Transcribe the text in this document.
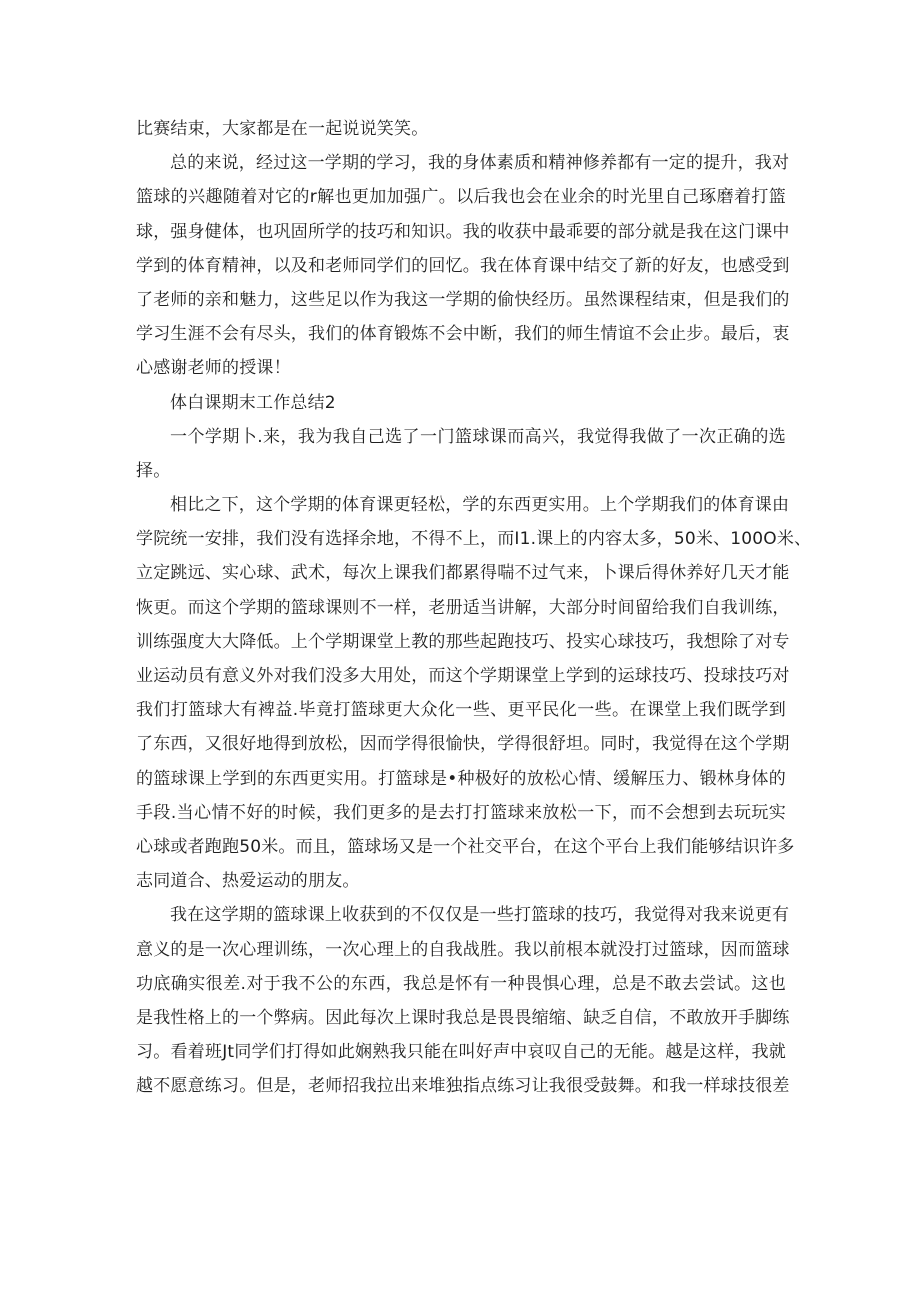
比赛结束，大家都是在一起说说笑笑。
总的来说，经过这一学期的学习，我的身体素质和精神修养都有一定的提升，我对
篮球的兴趣随着对它的r解也更加加强广。以后我也会在业余的时光里自己琢磨着打篮
球，强身健体，也巩固所学的技巧和知识。我的收获中最乖要的部分就是我在这门课中
学到的体育精神，以及和老师同学们的回忆。我在体育课中结交了新的好友，也感受到
了老师的亲和魅力，这些足以作为我这一学期的偷快经历。虽然课程结束，但是我们的
学习生涯不会有尽头，我们的体育锻炼不会中断，我们的师生情谊不会止步。最后，衷
心感谢老师的授课！
体白课期末工作总结2
一个学期卜.来，我为我自己选了一门篮球课而高兴，我觉得我做了一次正确的选
择。
相比之下，这个学期的体育课更轻松，学的东西更实用。上个学期我们的体育课由
学院统一安排，我们没有选择余地，不得不上，而I1.课上的内容太多，50米、100O米、
立定跳远、实心球、武术，每次上课我们都累得喘不过气来，卜课后得休养好几天才能
恢更。而这个学期的篮球课则不一样，老册适当讲解，大部分时间留给我们自我训练，
训练强度大大降低。上个学期课堂上教的那些起跑技巧、投实心球技巧，我想除了对专
业运动员有意义外对我们没多大用处，而这个学期课堂上学到的运球技巧、投球技巧对
我们打篮球大有裨益.毕竟打篮球更大众化一些、更平民化一些。在课堂上我们既学到
了东西，又很好地得到放松，因而学得很愉快，学得很舒坦。同时，我觉得在这个学期
的篮球课上学到的东西更实用。打篮球是•种极好的放松心情、缓解压力、锻林身体的
手段.当心情不好的时候，我们更多的是去打打篮球来放松一下，而不会想到去玩玩实
心球或者跑跑50米。而且，篮球场又是一个社交平台，在这个平台上我们能够结识许多
志同道合、热爱运动的朋友。
我在这学期的篮球课上收获到的不仅仅是一些打篮球的技巧，我觉得对我来说更有
意义的是一次心理训练，一次心理上的自我战胜。我以前根本就没打过篮球，因而篮球
功底确实很差.对于我不公的东西，我总是怀有一种畏惧心理，总是不敢去尝试。这也
是我性格上的一个弊病。因此每次上课时我总是畏畏缩缩、缺乏自信，不敢放开手脚练
习。看着班Jt同学们打得如此娴熟我只能在叫好声中哀叹自己的无能。越是这样，我就
越不愿意练习。但是，老师招我拉出来堆独指点练习让我很受鼓舞。和我一样球技很差
